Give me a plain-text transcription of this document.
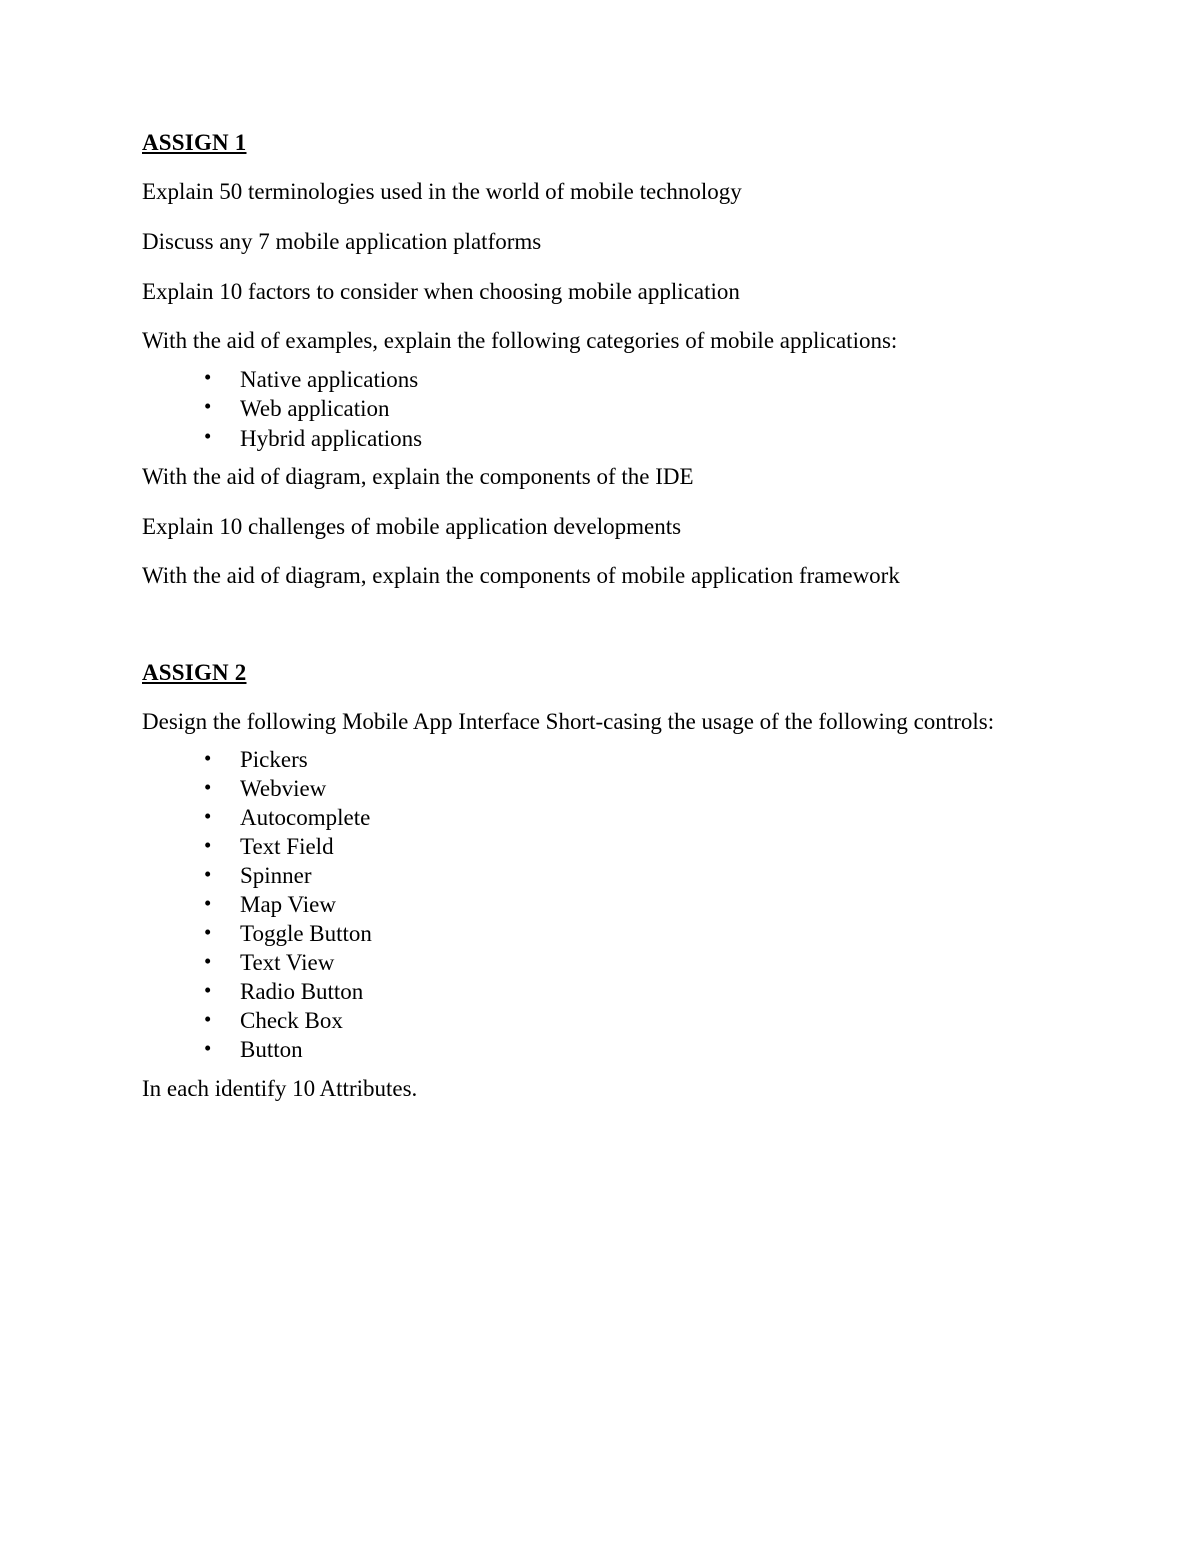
ASSIGN 1

Explain 50 terminologies used in the world of mobile technology

Discuss any 7 mobile application platforms

Explain 10 factors to consider when choosing mobile application

With the aid of examples, explain the following categories of mobile applications:

• Native applications
• Web application
• Hybrid applications

With the aid of diagram, explain the components of the IDE

Explain 10 challenges of mobile application developments

With the aid of diagram, explain the components of mobile application framework

ASSIGN 2

Design the following Mobile App Interface Short-casing the usage of the following controls:

• Pickers
• Webview
• Autocomplete
• Text Field
• Spinner
• Map View
• Toggle Button
• Text View
• Radio Button
• Check Box
• Button

In each identify 10 Attributes.
